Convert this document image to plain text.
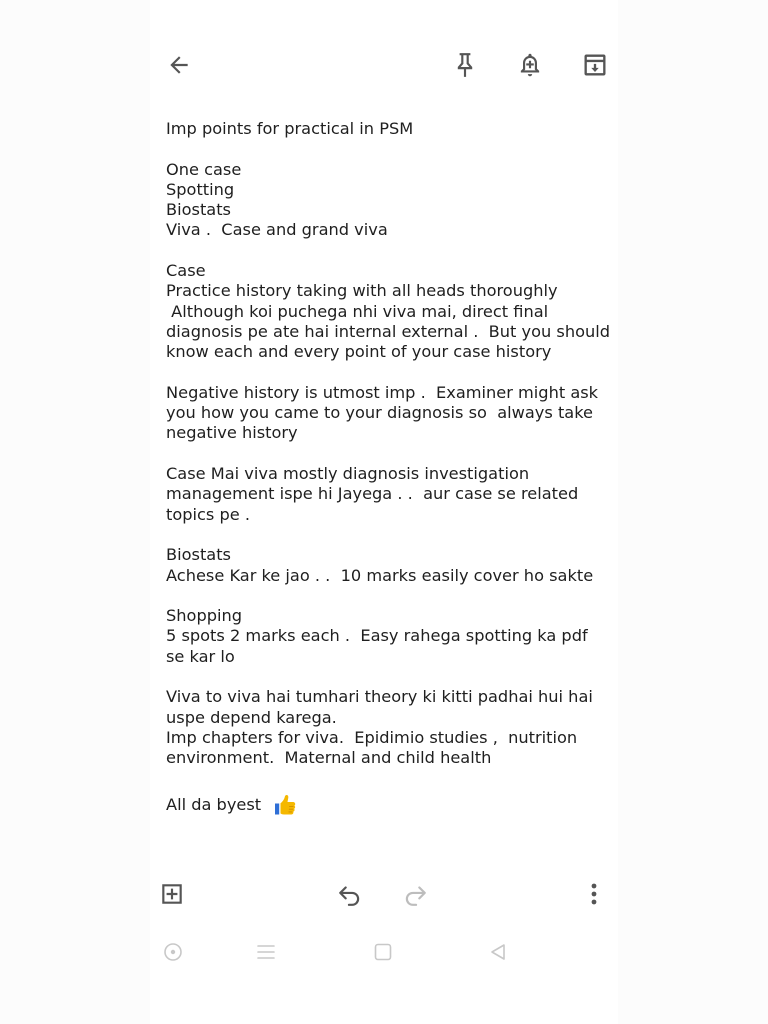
Imp points for practical in PSM
One case
Spotting
Biostats
Viva .  Case and grand viva
Case
Practice history taking with all heads thoroughly
Although koi puchega nhi viva mai, direct final
diagnosis pe ate hai internal external .  But you should
know each and every point of your case history
Negative history is utmost imp .  Examiner might ask
you how you came to your diagnosis so  always take
negative history
Case Mai viva mostly diagnosis investigation
management ispe hi Jayega . .  aur case se related
topics pe .
Biostats
Achese Kar ke jao . .  10 marks easily cover ho sakte
Shopping
5 spots 2 marks each .  Easy rahega spotting ka pdf
se kar lo
Viva to viva hai tumhari theory ki kitti padhai hui hai
uspe depend karega.
Imp chapters for viva.  Epidimio studies ,  nutrition
environment.  Maternal and child health
All da byest
